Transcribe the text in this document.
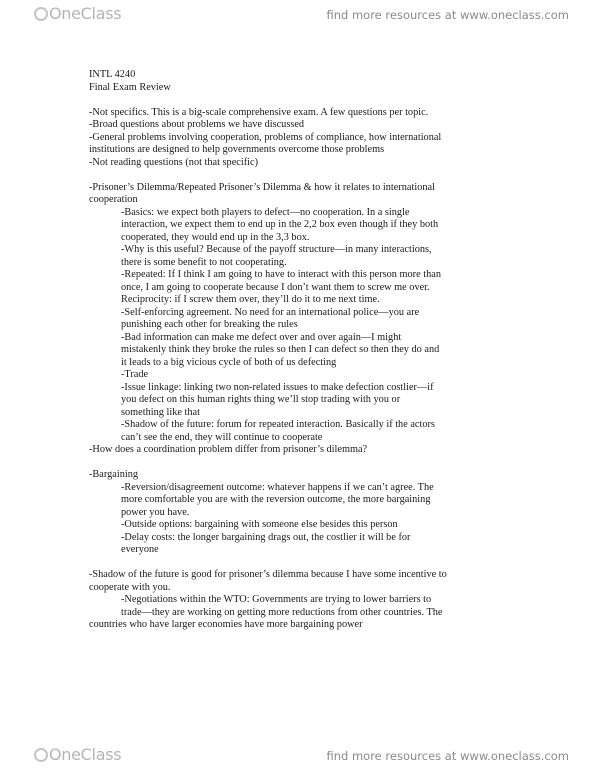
OneClass	find more resources at www.oneclass.com
INTL 4240
Final Exam Review
-Not specifics. This is a big-scale comprehensive exam. A few questions per topic.
-Broad questions about problems we have discussed
-General problems involving cooperation, problems of compliance, how international
institutions are designed to help governments overcome those problems
-Not reading questions (not that specific)
-Prisoner’s Dilemma/Repeated Prisoner’s Dilemma & how it relates to international
cooperation
-Basics: we expect both players to defect—no cooperation. In a single
interaction, we expect them to end up in the 2,2 box even though if they both
cooperated, they would end up in the 3,3 box.
-Why is this useful? Because of the payoff structure—in many interactions,
there is some benefit to not cooperating.
-Repeated: If I think I am going to have to interact with this person more than
once, I am going to cooperate because I don’t want them to screw me over.
Reciprocity: if I screw them over, they’ll do it to me next time.
-Self-enforcing agreement. No need for an international police—you are
punishing each other for breaking the rules
-Bad information can make me defect over and over again—I might
mistakenly think they broke the rules so then I can defect so then they do and
it leads to a big vicious cycle of both of us defecting
-Trade
-Issue linkage: linking two non-related issues to make defection costlier—if
you defect on this human rights thing we’ll stop trading with you or
something like that
-Shadow of the future: forum for repeated interaction. Basically if the actors
can’t see the end, they will continue to cooperate
-How does a coordination problem differ from prisoner’s dilemma?
-Bargaining
-Reversion/disagreement outcome: whatever happens if we can’t agree. The
more comfortable you are with the reversion outcome, the more bargaining
power you have.
-Outside options: bargaining with someone else besides this person
-Delay costs: the longer bargaining drags out, the costlier it will be for
everyone
-Shadow of the future is good for prisoner’s dilemma because I have some incentive to
cooperate with you.
-Negotiations within the WTO: Governments are trying to lower barriers to
trade—they are working on getting more reductions from other countries. The
countries who have larger economies have more bargaining power
OneClass	find more resources at www.oneclass.com
